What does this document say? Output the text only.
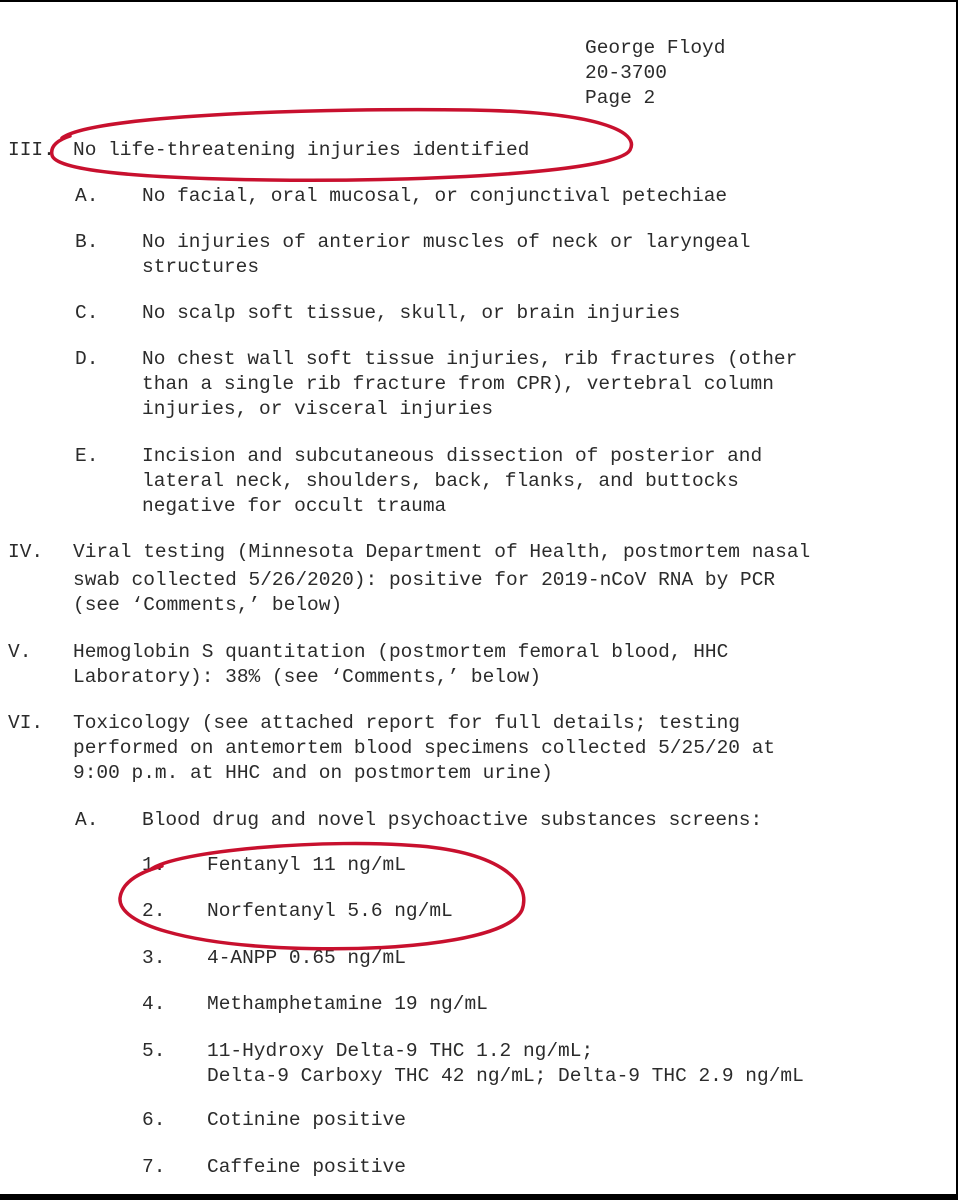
George Floyd
20-3700
Page 2
III. No life-threatening injuries identified
A. No facial, oral mucosal, or conjunctival petechiae
B. No injuries of anterior muscles of neck or laryngeal
structures
C. No scalp soft tissue, skull, or brain injuries
D. No chest wall soft tissue injuries, rib fractures (other
than a single rib fracture from CPR), vertebral column
injuries, or visceral injuries
E. Incision and subcutaneous dissection of posterior and
lateral neck, shoulders, back, flanks, and buttocks
negative for occult trauma
IV. Viral testing (Minnesota Department of Health, postmortem nasal
swab collected 5/26/2020): positive for 2019-nCoV RNA by PCR
(see ‘Comments,’ below)
V. Hemoglobin S quantitation (postmortem femoral blood, HHC
Laboratory): 38% (see ‘Comments,’ below)
VI. Toxicology (see attached report for full details; testing
performed on antemortem blood specimens collected 5/25/20 at
9:00 p.m. at HHC and on postmortem urine)
A. Blood drug and novel psychoactive substances screens:
1. Fentanyl 11 ng/mL
2. Norfentanyl 5.6 ng/mL
3. 4-ANPP 0.65 ng/mL
4. Methamphetamine 19 ng/mL
5. 11-Hydroxy Delta-9 THC 1.2 ng/mL;
Delta-9 Carboxy THC 42 ng/mL; Delta-9 THC 2.9 ng/mL
6. Cotinine positive
7. Caffeine positive
